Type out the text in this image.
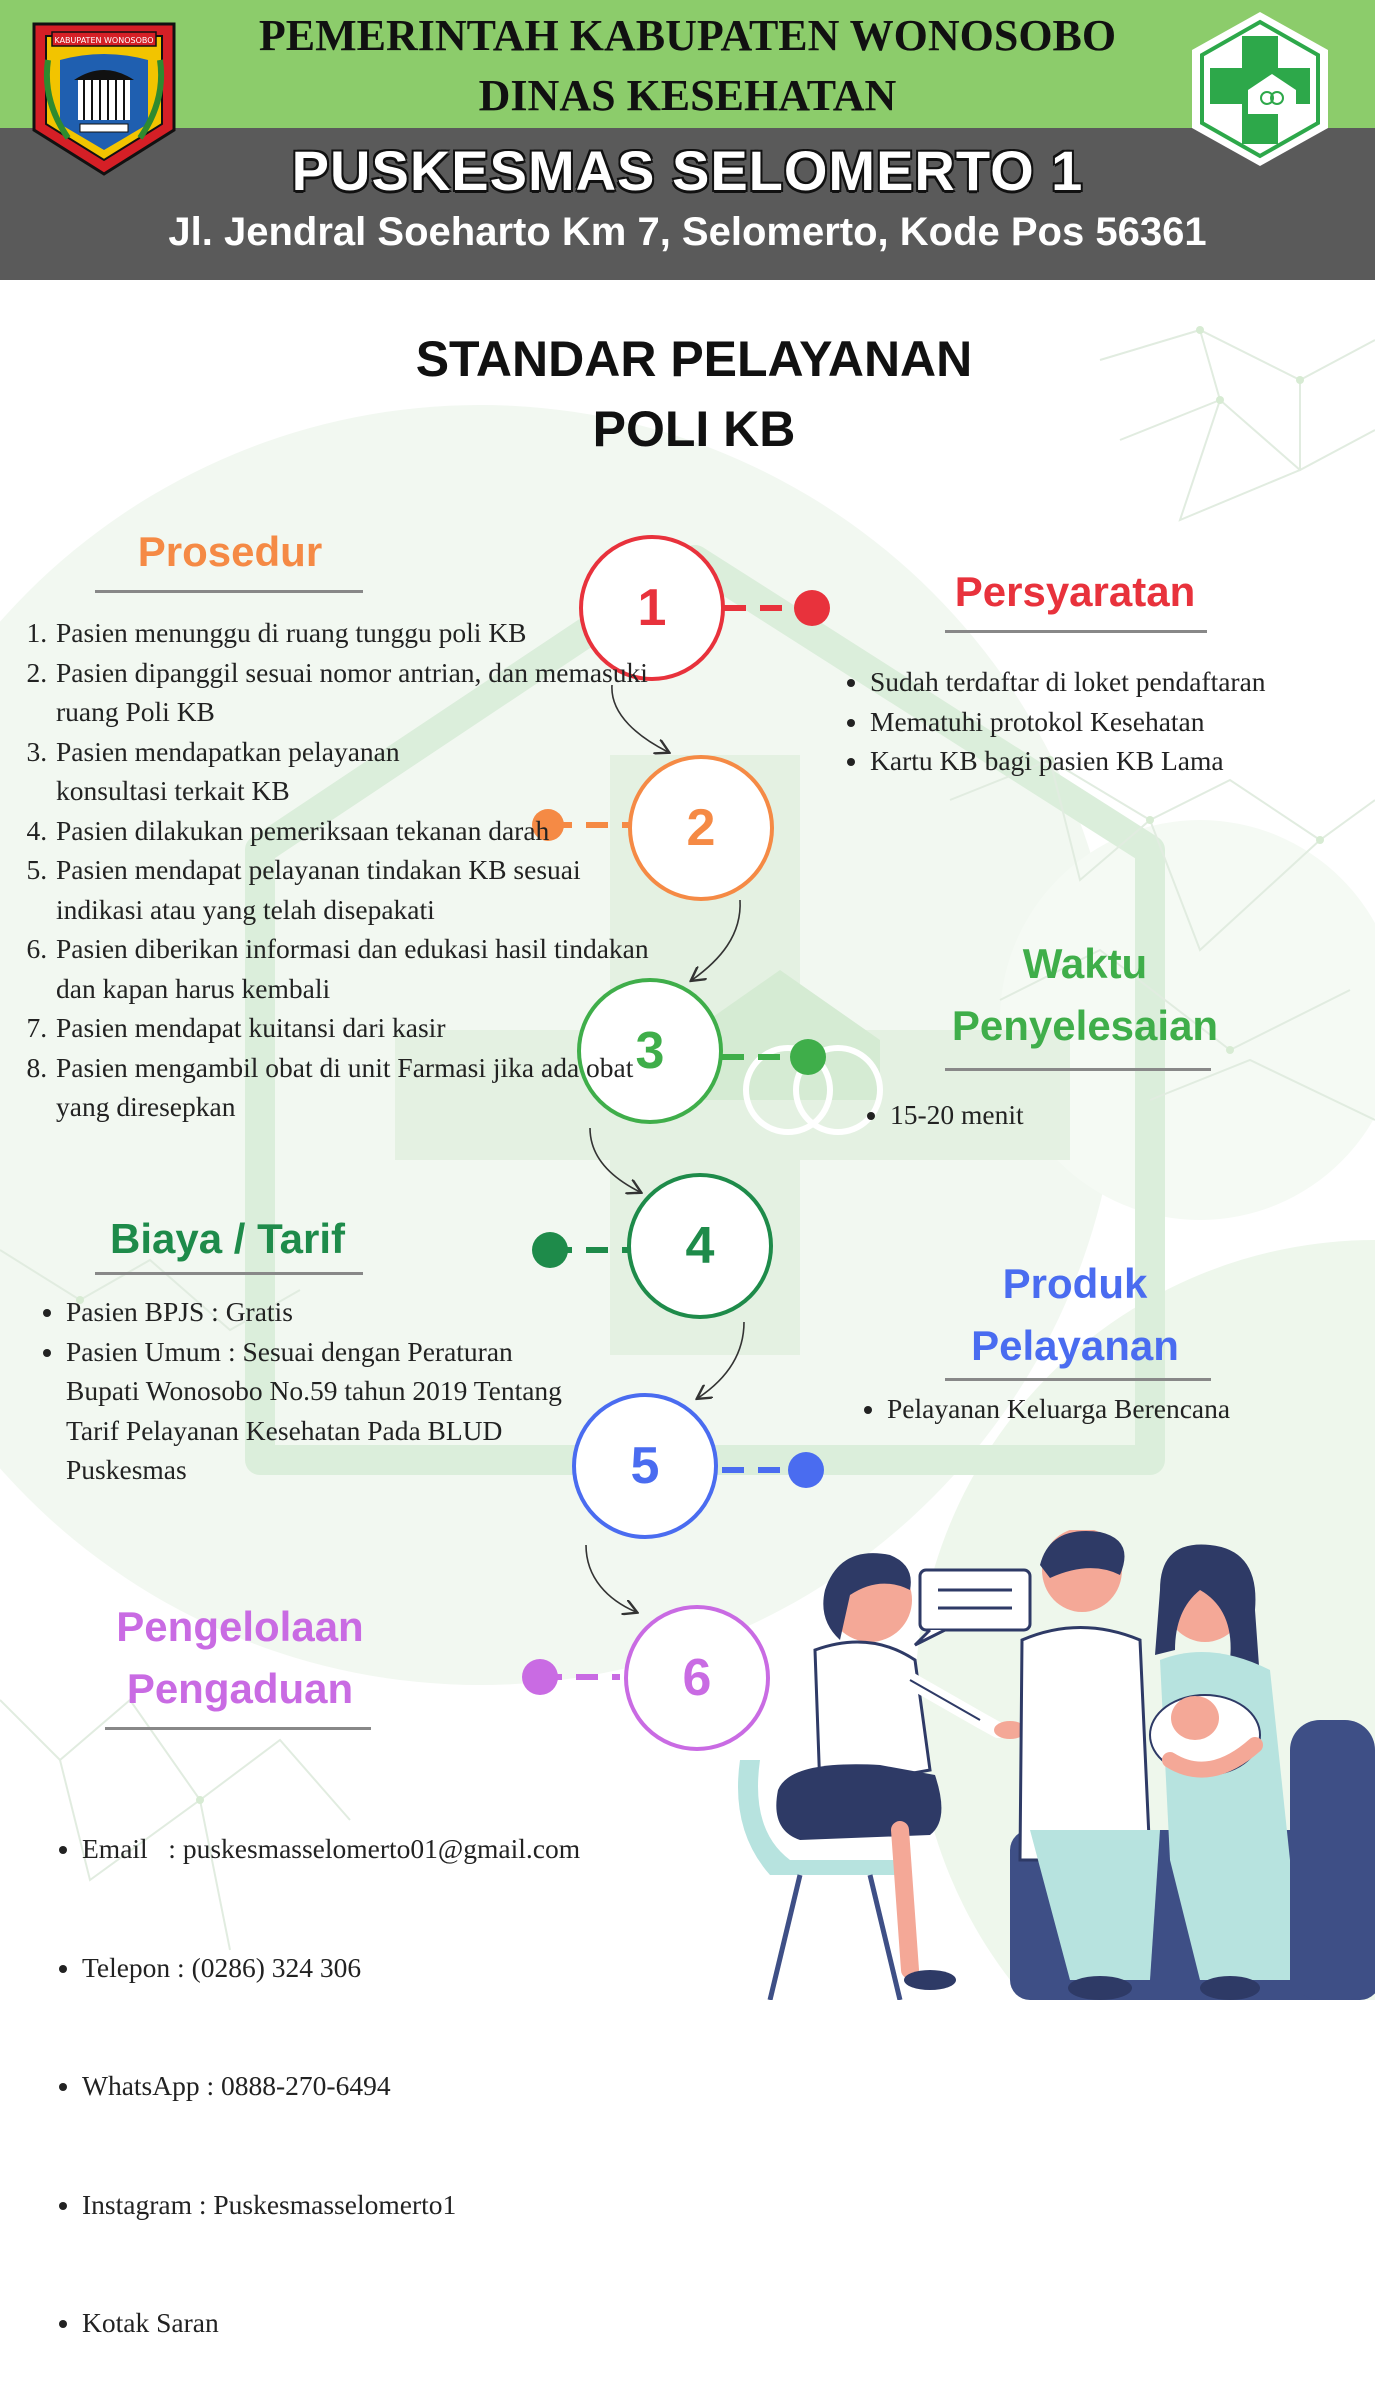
KABUPATEN WONOSOBO	PEMERINTAH KABUPATEN WONOSOBO
DINAS KESEHATAN
PUSKESMAS SELOMERTO 1
Jl. Jendral Soeharto Km 7, Selomerto, Kode Pos 56361
STANDAR PELAYANAN
POLI KB
1
2
3
4
5
6
Prosedur
1. Pasien menunggu di ruang tunggu poli KB
2. Pasien dipanggil sesuai nomor antrian, dan memasuki ruang Poli KB
3. Pasien mendapatkan pelayanan konsultasi terkait KB
4. Pasien dilakukan pemeriksaan tekanan darah
5. Pasien mendapat pelayanan tindakan KB sesuai indikasi atau yang telah disepakati
6. Pasien diberikan informasi dan edukasi hasil tindakan dan kapan harus kembali
7. Pasien mendapat kuitansi dari kasir
8. Pasien mengambil obat di unit Farmasi jika ada obat yang diresepkan
Persyaratan
• Sudah terdaftar di loket pendaftaran
• Mematuhi protokol Kesehatan
• Kartu KB bagi pasien KB Lama
Waktu
Penyelesaian
• 15-20 menit
Biaya / Tarif
• Pasien BPJS : Gratis
• Pasien Umum : Sesuai dengan Peraturan Bupati Wonosobo No.59 tahun 2019 Tentang Tarif Pelayanan Kesehatan Pada BLUD Puskesmas
Produk
Pelayanan
• Pelayanan Keluarga Berencana
Pengelolaan
Pengaduan

• Email   : puskesmasselomerto01@gmail.com

• Telepon : (0286) 324 306

• WhatsApp : 0888-270-6494

• Instagram : Puskesmasselomerto1

• Kotak Saran
